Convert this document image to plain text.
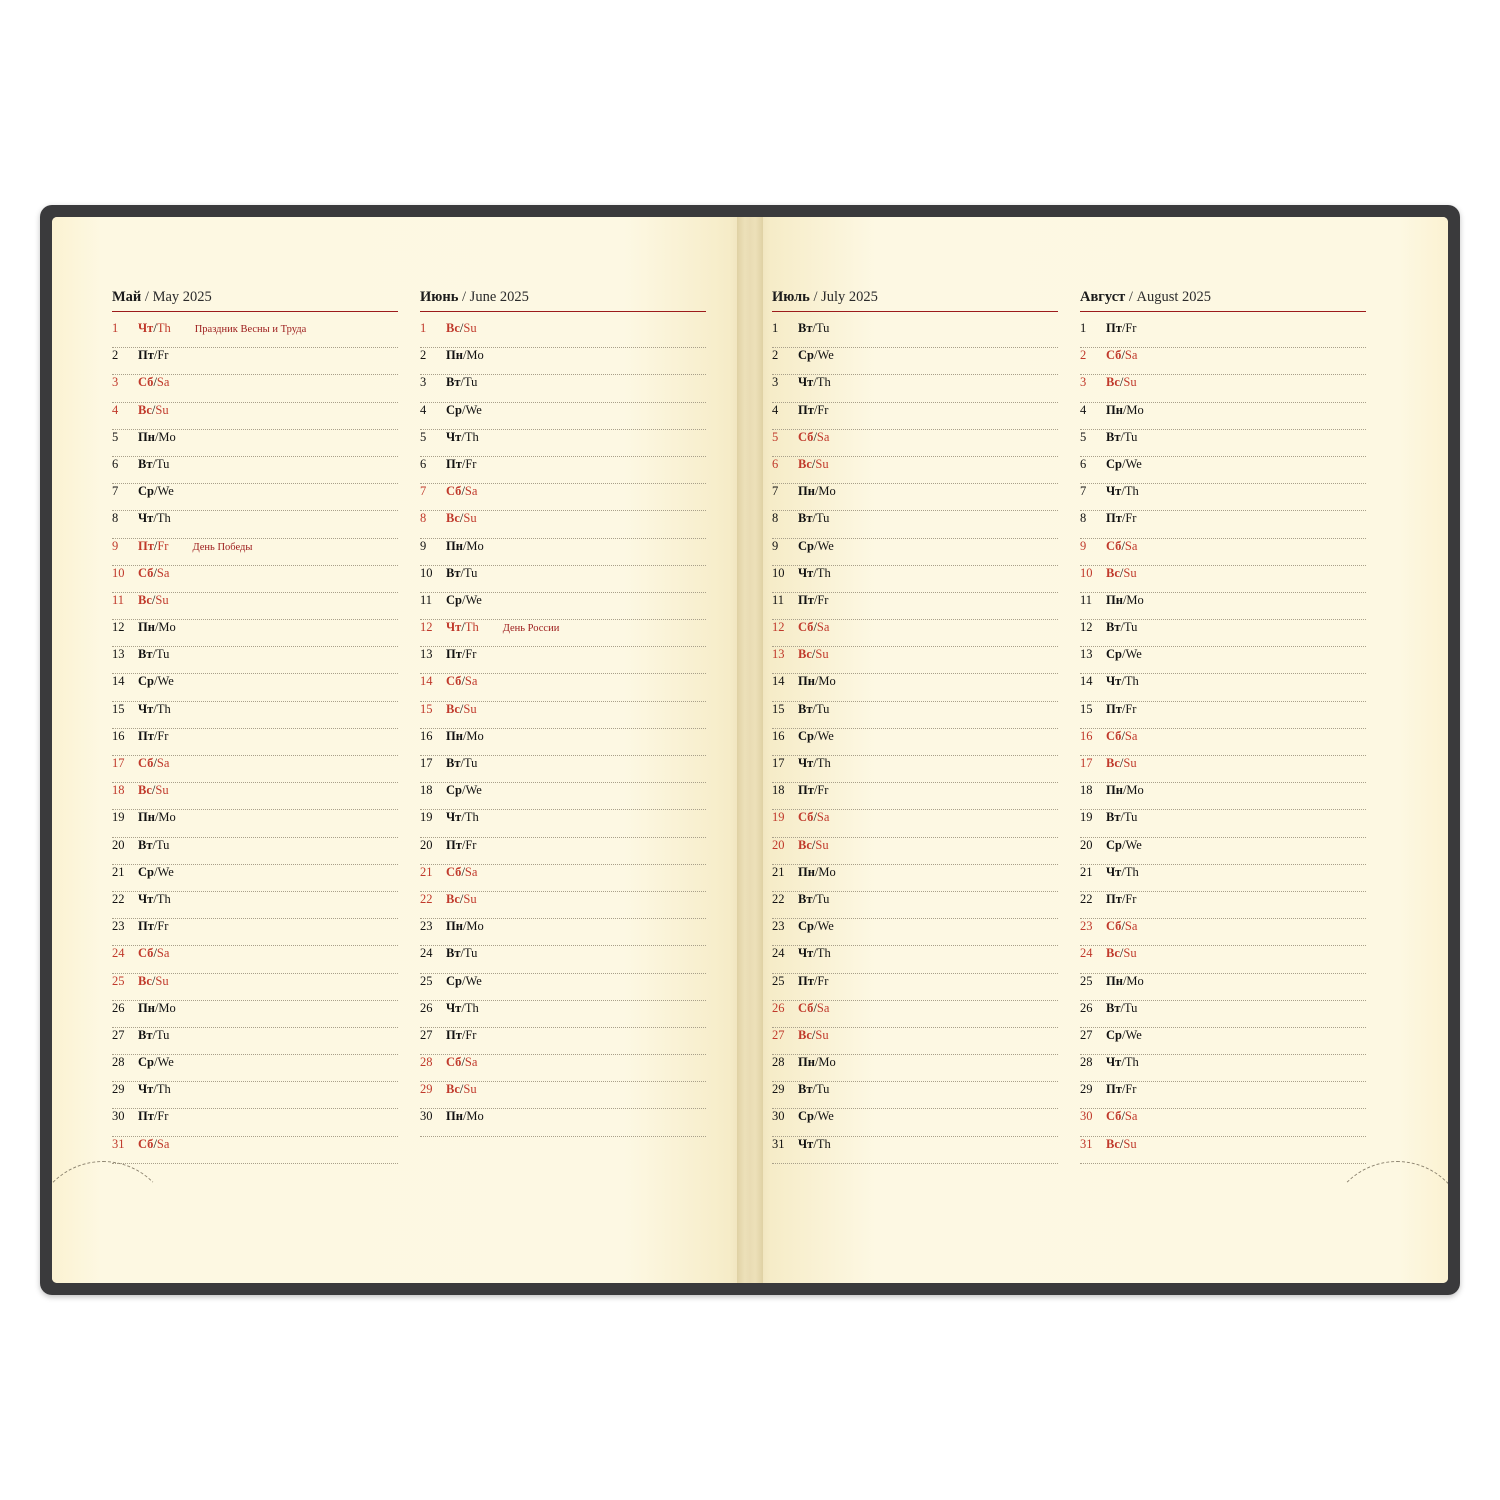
Май / May 2025
1	Чт/Th	Праздник Весны и Труда
2	Пт/Fr
3	Сб/Sa
4	Вс/Su
5	Пн/Mo
6	Вт/Tu
7	Ср/We
8	Чт/Th
9	Пт/Fr	День Победы
10	Сб/Sa
11	Вс/Su
12	Пн/Mo
13	Вт/Tu
14	Ср/We
15	Чт/Th
16	Пт/Fr
17	Сб/Sa
18	Вс/Su
19	Пн/Mo
20	Вт/Tu
21	Ср/We
22	Чт/Th
23	Пт/Fr
24	Сб/Sa
25	Вс/Su
26	Пн/Mo
27	Вт/Tu
28	Ср/We
29	Чт/Th
30	Пт/Fr
31	Сб/Sa
Июнь / June 2025
1	Вс/Su
2	Пн/Mo
3	Вт/Tu
4	Ср/We
5	Чт/Th
6	Пт/Fr
7	Сб/Sa
8	Вс/Su
9	Пн/Mo
10	Вт/Tu
11	Ср/We
12	Чт/Th	День России
13	Пт/Fr
14	Сб/Sa
15	Вс/Su
16	Пн/Mo
17	Вт/Tu
18	Ср/We
19	Чт/Th
20	Пт/Fr
21	Сб/Sa
22	Вс/Su
23	Пн/Mo
24	Вт/Tu
25	Ср/We
26	Чт/Th
27	Пт/Fr
28	Сб/Sa
29	Вс/Su
30	Пн/Mo
Июль / July 2025
1	Вт/Tu
2	Ср/We
3	Чт/Th
4	Пт/Fr
5	Сб/Sa
6	Вс/Su
7	Пн/Mo
8	Вт/Tu
9	Ср/We
10	Чт/Th
11	Пт/Fr
12	Сб/Sa
13	Вс/Su
14	Пн/Mo
15	Вт/Tu
16	Ср/We
17	Чт/Th
18	Пт/Fr
19	Сб/Sa
20	Вс/Su
21	Пн/Mo
22	Вт/Tu
23	Ср/We
24	Чт/Th
25	Пт/Fr
26	Сб/Sa
27	Вс/Su
28	Пн/Mo
29	Вт/Tu
30	Ср/We
31	Чт/Th
Август / August 2025
1	Пт/Fr
2	Сб/Sa
3	Вс/Su
4	Пн/Mo
5	Вт/Tu
6	Ср/We
7	Чт/Th
8	Пт/Fr
9	Сб/Sa
10	Вс/Su
11	Пн/Mo
12	Вт/Tu
13	Ср/We
14	Чт/Th
15	Пт/Fr
16	Сб/Sa
17	Вс/Su
18	Пн/Mo
19	Вт/Tu
20	Ср/We
21	Чт/Th
22	Пт/Fr
23	Сб/Sa
24	Вс/Su
25	Пн/Mo
26	Вт/Tu
27	Ср/We
28	Чт/Th
29	Пт/Fr
30	Сб/Sa
31	Вс/Su
